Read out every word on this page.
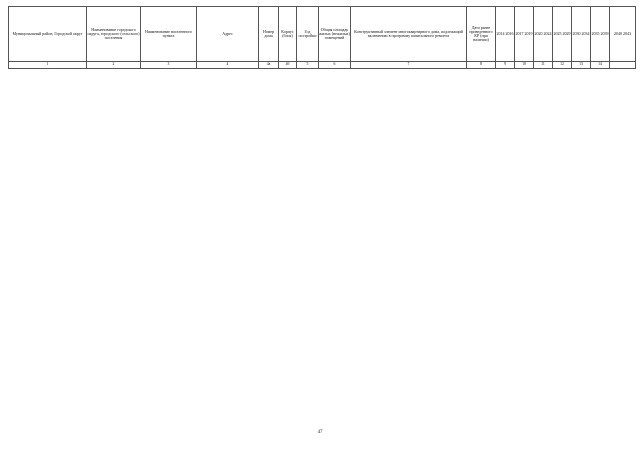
Муниципальный район, Городской округ	Наименование городского округа, городского (сельского) поселения	Наименование населенного пункта	Адрес	Номер дома	Корпус (блок)	Год постройки	Общая площадь жилых (нежилых) помещений	Конструктивный элемент многоквартирного дома, подлежащий включению в программу капитального ремонта	Дата ранее проведенного КР (при наличии)	2014 2016	2017 2019	2020 2024	2025 2029	2030 2034	2035 2039	2040 2043
1	2	3	4	4а	4б	5	6	7	8	9	10	11	12	13	14	
47
